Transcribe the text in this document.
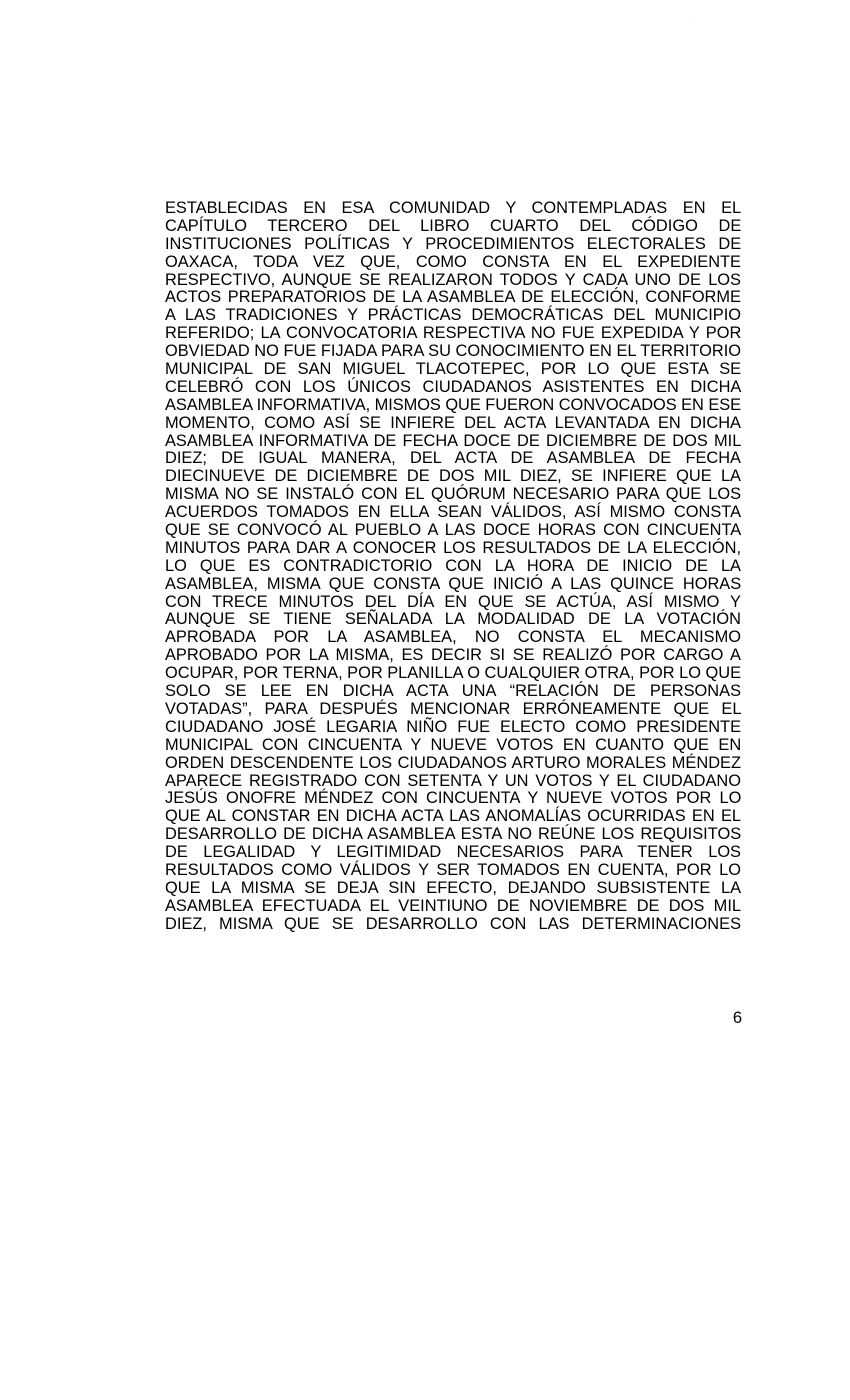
·
ESTABLECIDAS EN ESA COMUNIDAD Y CONTEMPLADAS EN EL
CAPÍTULO TERCERO DEL LIBRO CUARTO DEL CÓDIGO DE
INSTITUCIONES POLÍTICAS Y PROCEDIMIENTOS ELECTORALES DE
OAXACA, TODA VEZ QUE, COMO CONSTA EN EL EXPEDIENTE
RESPECTIVO, AUNQUE SE REALIZARON TODOS Y CADA UNO DE LOS
ACTOS PREPARATORIOS DE LA ASAMBLEA DE ELECCIÓN, CONFORME
A LAS TRADICIONES Y PRÁCTICAS DEMOCRÁTICAS DEL MUNICIPIO
REFERIDO; LA CONVOCATORIA RESPECTIVA NO FUE EXPEDIDA Y POR
OBVIEDAD NO FUE FIJADA PARA SU CONOCIMIENTO EN EL TERRITORIO
MUNICIPAL DE SAN MIGUEL TLACOTEPEC, POR LO QUE ESTA SE
CELEBRÓ CON LOS ÚNICOS CIUDADANOS ASISTENTES EN DICHA
ASAMBLEA INFORMATIVA, MISMOS QUE FUERON CONVOCADOS EN ESE
MOMENTO, COMO ASÍ SE INFIERE DEL ACTA LEVANTADA EN DICHA
ASAMBLEA INFORMATIVA DE FECHA DOCE DE DICIEMBRE DE DOS MIL
DIEZ; DE IGUAL MANERA, DEL ACTA DE ASAMBLEA DE FECHA
DIECINUEVE DE DICIEMBRE DE DOS MIL DIEZ, SE INFIERE QUE LA
MISMA NO SE INSTALÓ CON EL QUÓRUM NECESARIO PARA QUE LOS
ACUERDOS TOMADOS EN ELLA SEAN VÁLIDOS, ASÍ MISMO CONSTA
QUE SE CONVOCÓ AL PUEBLO A LAS DOCE HORAS CON CINCUENTA
MINUTOS PARA DAR A CONOCER LOS RESULTADOS DE LA ELECCIÓN,
LO QUE ES CONTRADICTORIO CON LA HORA DE INICIO DE LA
ASAMBLEA, MISMA QUE CONSTA QUE INICIÓ A LAS QUINCE HORAS
CON TRECE MINUTOS DEL DÍA EN QUE SE ACTÚA, ASÍ MISMO Y
AUNQUE SE TIENE SEÑALADA LA MODALIDAD DE LA VOTACIÓN
APROBADA POR LA ASAMBLEA, NO CONSTA EL MECANISMO
APROBADO POR LA MISMA, ES DECIR SI SE REALIZÓ POR CARGO A
OCUPAR, POR TERNA, POR PLANILLA O CUALQUIER OTRA, POR LO QUE
SOLO SE LEE EN DICHA ACTA UNA “RELACIÓN DE PERSONAS
VOTADAS”, PARA DESPUÉS MENCIONAR ERRÓNEAMENTE QUE EL
CIUDADANO JOSÉ LEGARIA NIÑO FUE ELECTO COMO PRESIDENTE
MUNICIPAL CON CINCUENTA Y NUEVE VOTOS EN CUANTO QUE EN
ORDEN DESCENDENTE LOS CIUDADANOS ARTURO MORALES MÉNDEZ
APARECE REGISTRADO CON SETENTA Y UN VOTOS Y EL CIUDADANO
JESÚS ONOFRE MÉNDEZ CON CINCUENTA Y NUEVE VOTOS POR LO
QUE AL CONSTAR EN DICHA ACTA LAS ANOMALÍAS OCURRIDAS EN EL
DESARROLLO DE DICHA ASAMBLEA ESTA NO REÚNE LOS REQUISITOS
DE LEGALIDAD Y LEGITIMIDAD NECESARIOS PARA TENER LOS
RESULTADOS COMO VÁLIDOS Y SER TOMADOS EN CUENTA, POR LO
QUE LA MISMA SE DEJA SIN EFECTO, DEJANDO SUBSISTENTE LA
ASAMBLEA EFECTUADA EL VEINTIUNO DE NOVIEMBRE DE DOS MIL
DIEZ, MISMA QUE SE DESARROLLO CON LAS DETERMINACIONES
6
